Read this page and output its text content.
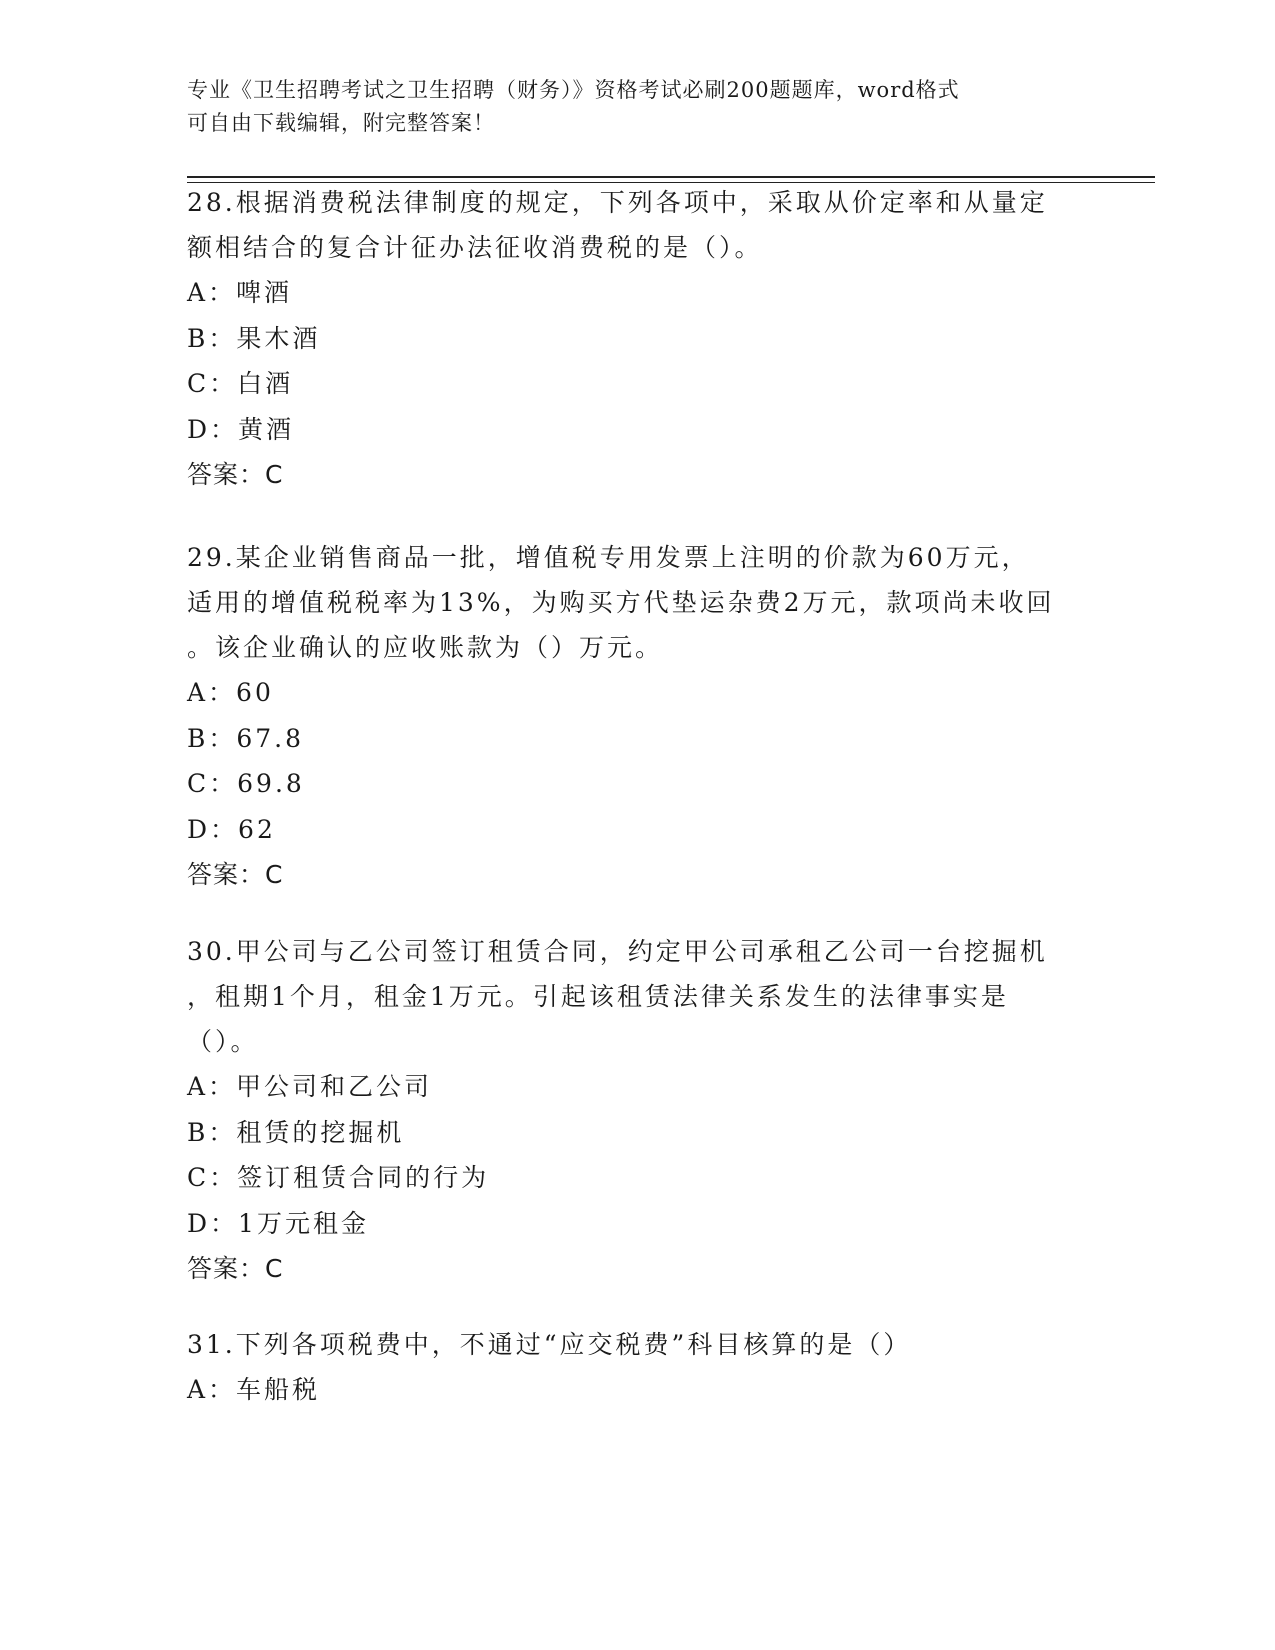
专业《卫生招聘考试之卫生招聘（财务）》资格考试必刷200题题库，word格式
可自由下载编辑，附完整答案！

28.根据消费税法律制度的规定，下列各项中，采取从价定率和从量定

额相结合的复合计征办法征收消费税的是（）。

A：啤酒

B：果木酒

C：白酒

D：黄酒

答案：C

29.某企业销售商品一批，增值税专用发票上注明的价款为60万元，

适用的增值税税率为13%，为购买方代垫运杂费2万元，款项尚未收回

。该企业确认的应收账款为（）万元。

A：60

B：67.8

C：69.8

D：62

答案：C

30.甲公司与乙公司签订租赁合同，约定甲公司承租乙公司一台挖掘机

，租期1个月，租金1万元。引起该租赁法律关系发生的法律事实是

（）。

A：甲公司和乙公司

B：租赁的挖掘机

C：签订租赁合同的行为

D：1万元租金

答案：C

31.下列各项税费中，不通过“应交税费”科目核算的是（）

A：车船税
